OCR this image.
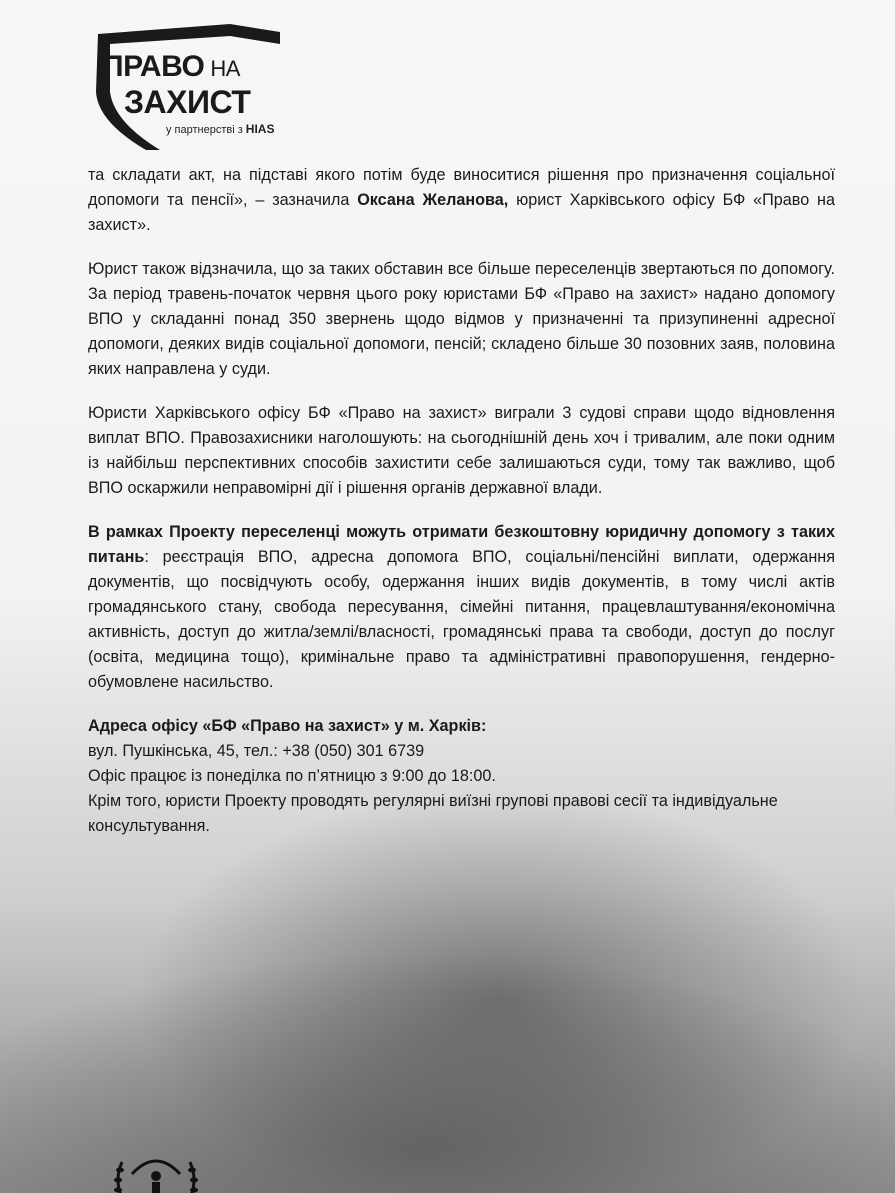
ПРАВО НА
ЗАХИСТ
у партнерстві з HIAS

та складати акт, на підставі якого потім буде виноситися рішення про призначення соціальної допомоги та пенсії», – зазначила Оксана Желанова, юрист Харківського офісу БФ «Право на захист».

Юрист також відзначила, що за таких обставин все більше переселенців звертаються по допомогу. За період травень-початок червня цього року юристами БФ «Право на захист» надано допомогу ВПО у складанні понад 350 звернень щодо відмов у призначенні та призупиненні адресної допомоги, деяких видів соціальної допомоги, пенсій; складено більше 30 позовних заяв, половина яких направлена у суди.

Юристи Харківського офісу БФ «Право на захист» виграли 3 судові справи щодо відновлення виплат ВПО. Правозахисники наголошують: на сьогоднішній день хоч і тривалим, але поки одним із найбільш перспективних способів захистити себе залишаються суди, тому так важливо, щоб ВПО оскаржили неправомірні дії і рішення органів державної влади.

В рамках Проекту переселенці можуть отримати безкоштовну юридичну допомогу з таких питань: реєстрація ВПО, адресна допомога ВПО, соціальні/пенсійні виплати, одержання документів, що посвідчують особу, одержання інших видів документів, в тому числі актів громадянського стану, свобода пересування, сімейні питання, працевлаштування/економічна активність, доступ до житла/землі/власності, громадянські права та свободи, доступ до послуг (освіта, медицина тощо), кримінальне право та адміністративні правопорушення, гендерно-обумовлене насильство.

Адреса офісу «БФ «Право на захист» у м. Харків:
вул. Пушкінська, 45, тел.: +38 (050) 301 6739
Офіс працює із понеділка по п’ятницю з 9:00 до 18:00.
Крім того, юристи Проекту проводять регулярні виїзні групові правові сесії та індивідуальне консультування.
